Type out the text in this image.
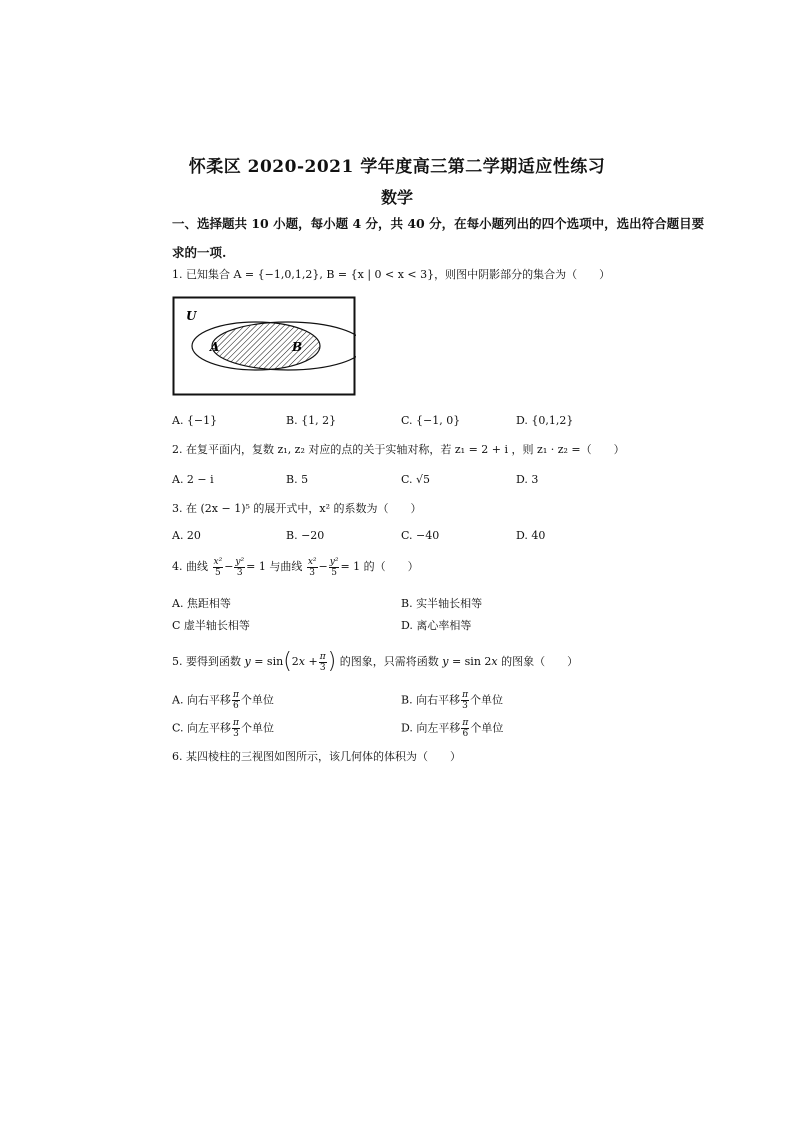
怀柔区 2020-2021 学年度高三第二学期适应性练习
数学
一、选择题共 10 小题，每小题 4 分，共 40 分，在每小题列出的四个选项中，选出符合题目要
求的一项.
1. 已知集合 A = {−1,0,1,2}, B = {x | 0 < x < 3}，则图中阴影部分的集合为（　　）
U
A	B
A. {−1}	B. {1, 2}	C. {−1, 0}	D. {0,1,2}
2. 在复平面内，复数 z₁, z₂ 对应的点的关于实轴对称，若 z₁ = 2 + i ，则 z₁ · z₂ =（　　）
A. 2 − i	B. 5	C. √5	D. 3
3. 在 (2x − 1)⁵ 的展开式中，x² 的系数为（　　）
A. 20	B. −20	C. −40	D. 40
4. 曲线 $\frac{\text{x²}}{5} - \frac{\text{y²}}{3} = 1$ 与曲线 $\frac{\text{x²}}{3} - \frac{\text{y²}}{5} = 1$ 的（　　）
A. 焦距相等	B. 实半轴长相等
C 虚半轴长相等	D. 离心率相等
5. 要得到函数 $y = \sin(2x + \frac{\pi}{3}$ ) 的图象，只需将函数 y = sin 2x 的图象（　　）
A. 向右平移 $\frac{\pi}{6}$ 个单位	B. 向右平移 $\frac{\pi}{3}$ 个单位
C. 向左平移 $\frac{\pi}{3}$ 个单位	D. 向左平移 $\frac{\pi}{6}$ 个单位
6. 某四棱柱的三视图如图所示，该几何体的体积为（　　）
